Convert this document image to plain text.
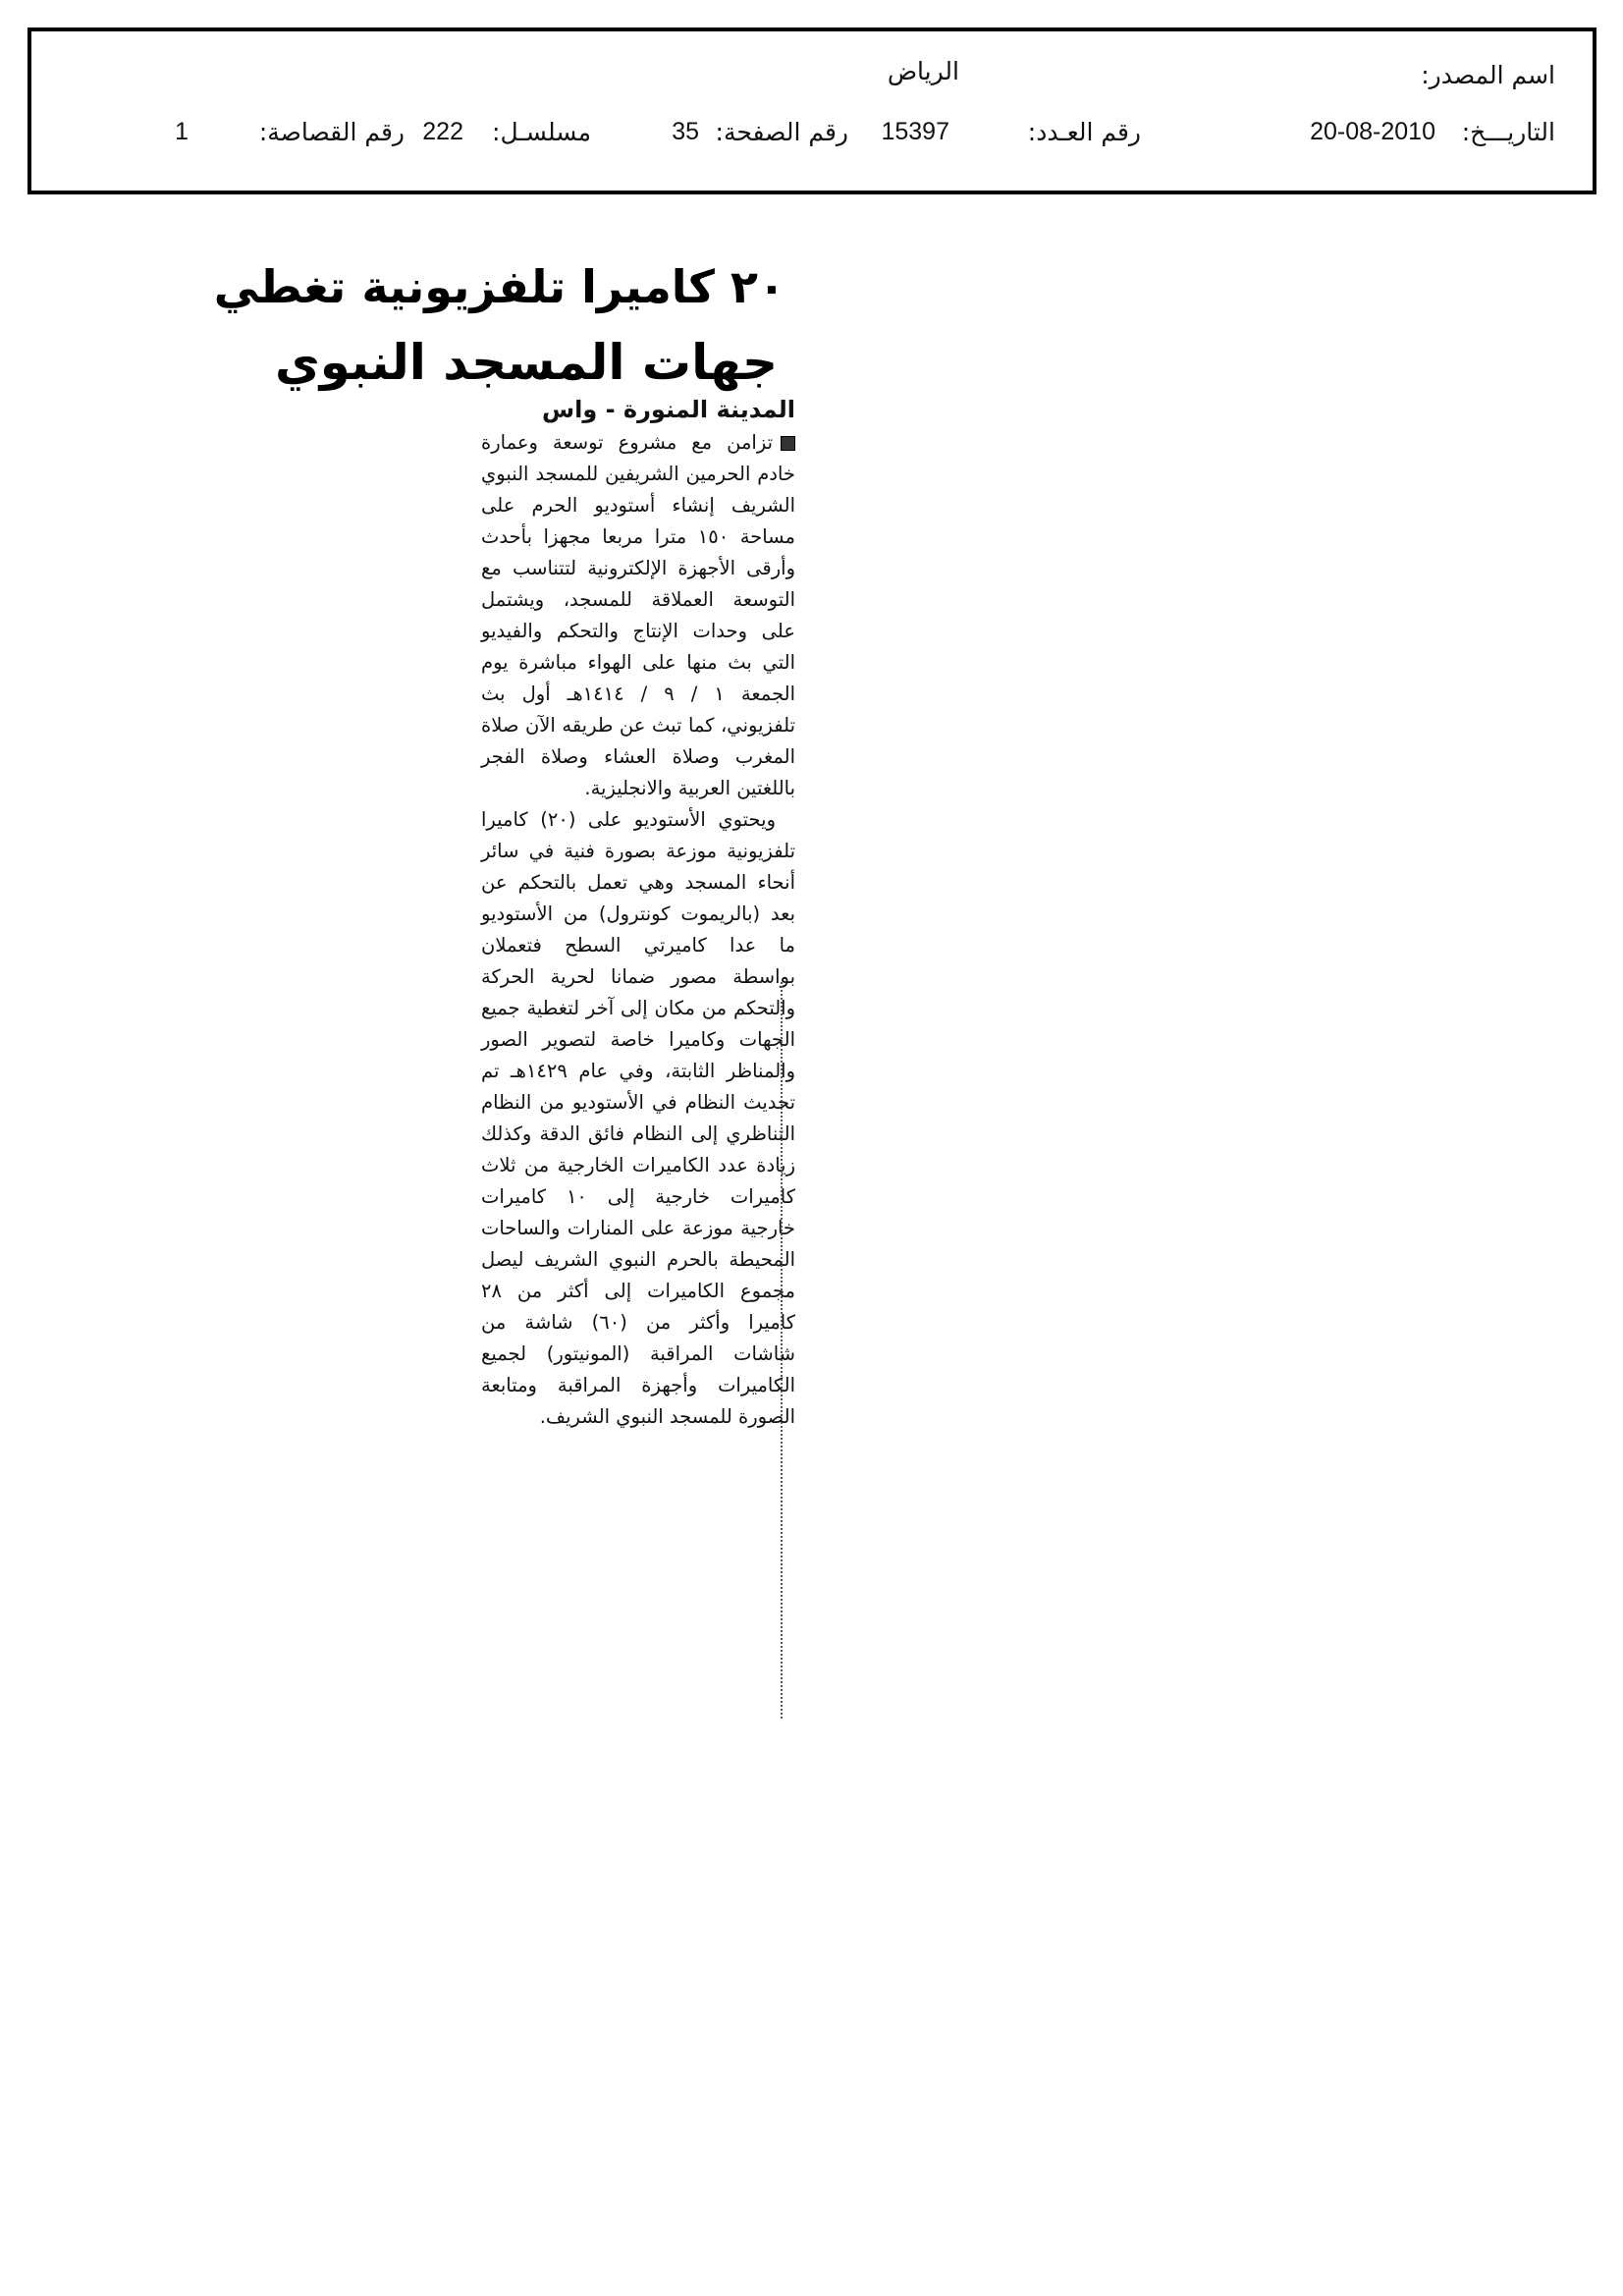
اسم المصدر:
الرياض
التاريـــخ:
20-08-2010
رقم العـدد:
15397
رقم الصفحة:
35
مسلسـل:
222
رقم القصاصة:
1
٢٠ كاميرا تلفزيونية تغطي
جهات المسجد النبوي
المدينة المنورة - واس

تزامن مع مشروع توسعة وعمارة خادم الحرمين الشريفين للمسجد النبوي الشريف إنشاء أستوديو الحرم على مساحة ١٥٠ مترا مربعا مجهزا بأحدث وأرقى الأجهزة الإلكترونية لتتناسب مع التوسعة العملاقة للمسجد، ويشتمل على وحدات الإنتاج والتحكم والفيديو التي بث منها على الهواء مباشرة يوم الجمعة ١ / ٩ / ١٤١٤هـ أول بث تلفزيوني، كما تبث عن طريقه الآن صلاة المغرب وصلاة العشاء وصلاة الفجر باللغتين العربية والانجليزية.

ويحتوي الأستوديو على (٢٠) كاميرا تلفزيونية موزعة بصورة فنية في سائر أنحاء المسجد وهي تعمل بالتحكم عن بعد (بالريموت كونترول) من الأستوديو ما عدا كاميرتي السطح فتعملان بواسطة مصور ضمانا لحرية الحركة والتحكم من مكان إلى آخر لتغطية جميع الجهات وكاميرا خاصة لتصوير الصور والمناظر الثابتة، وفي عام ١٤٢٩هـ تم تحديث النظام في الأستوديو من النظام التناظري إلى النظام فائق الدقة وكذلك زيادة عدد الكاميرات الخارجية من ثلاث كاميرات خارجية إلى ١٠ كاميرات خارجية موزعة على المنارات والساحات المحيطة بالحرم النبوي الشريف ليصل مجموع الكاميرات إلى أكثر من ٢٨ كاميرا وأكثر من (٦٠) شاشة من شاشات المراقبة (المونيتور) لجميع الكاميرات وأجهزة المراقبة ومتابعة الصورة للمسجد النبوي الشريف.
